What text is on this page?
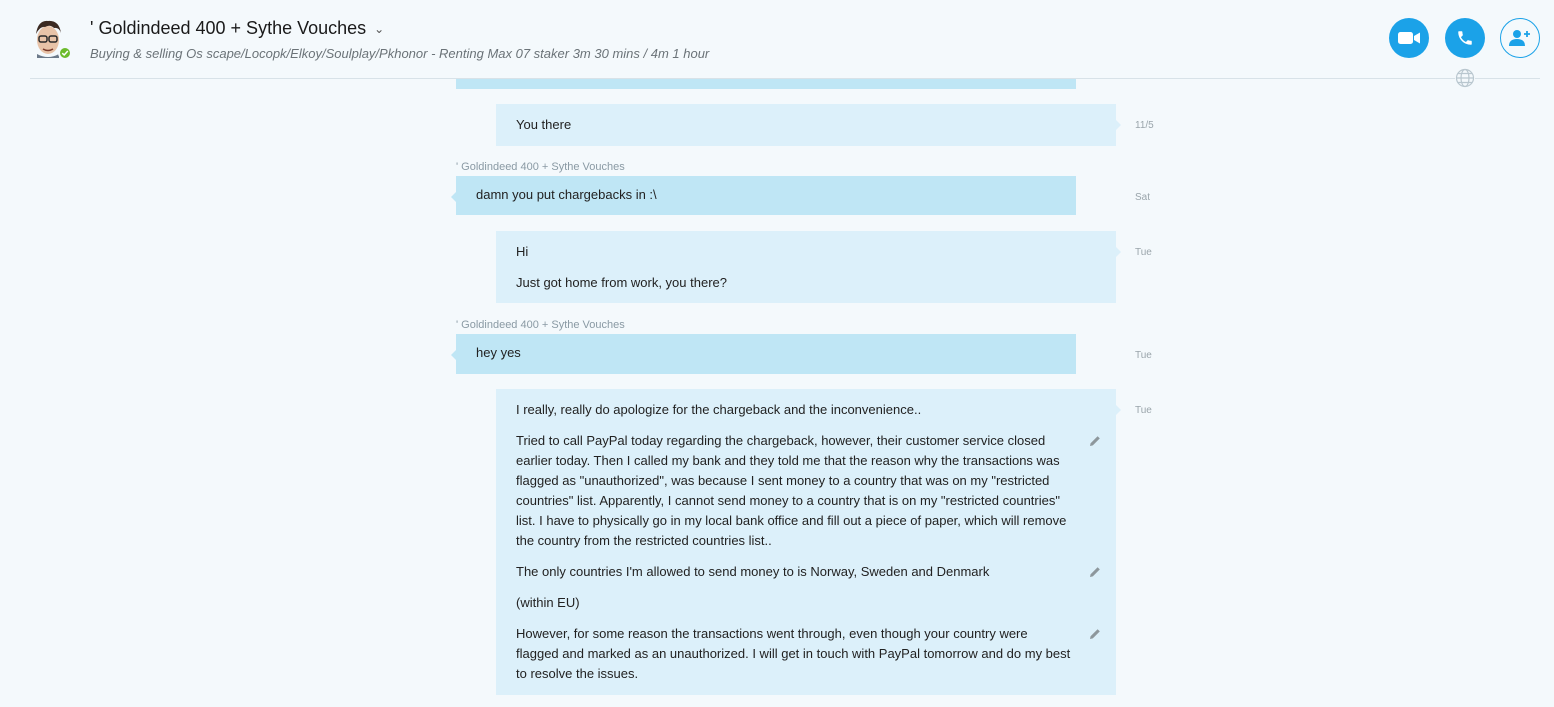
' Goldindeed 400 + Sythe Vouches ⌄
Buying & selling Os scape/Locopk/Elkoy/Soulplay/Pkhonor - Renting Max 07 staker 3m 30 mins / 4m 1 hour
You there	11/5
' Goldindeed 400 + Sythe Vouches
damn you put chargebacks in :\	Sat
Hi
Just got home from work, you there?
Tue
' Goldindeed 400 + Sythe Vouches
hey yes	Tue
I really, really do apologize for the chargeback and the inconvenience..
Tried to call PayPal today regarding the chargeback, however, their customer service closed
earlier today. Then I called my bank and they told me that the reason why the transactions was
flagged as "unauthorized", was because I sent money to a country that was on my "restricted
countries" list. Apparently, I cannot send money to a country that is on my "restricted countries"
list. I have to physically go in my local bank office and fill out a piece of paper, which will remove
the country from the restricted countries list..
The only countries I'm allowed to send money to is Norway, Sweden and Denmark
(within EU)
However, for some reason the transactions went through, even though your country were
flagged and marked as an unauthorized. I will get in touch with PayPal tomorrow and do my best
to resolve the issues.
Tue
